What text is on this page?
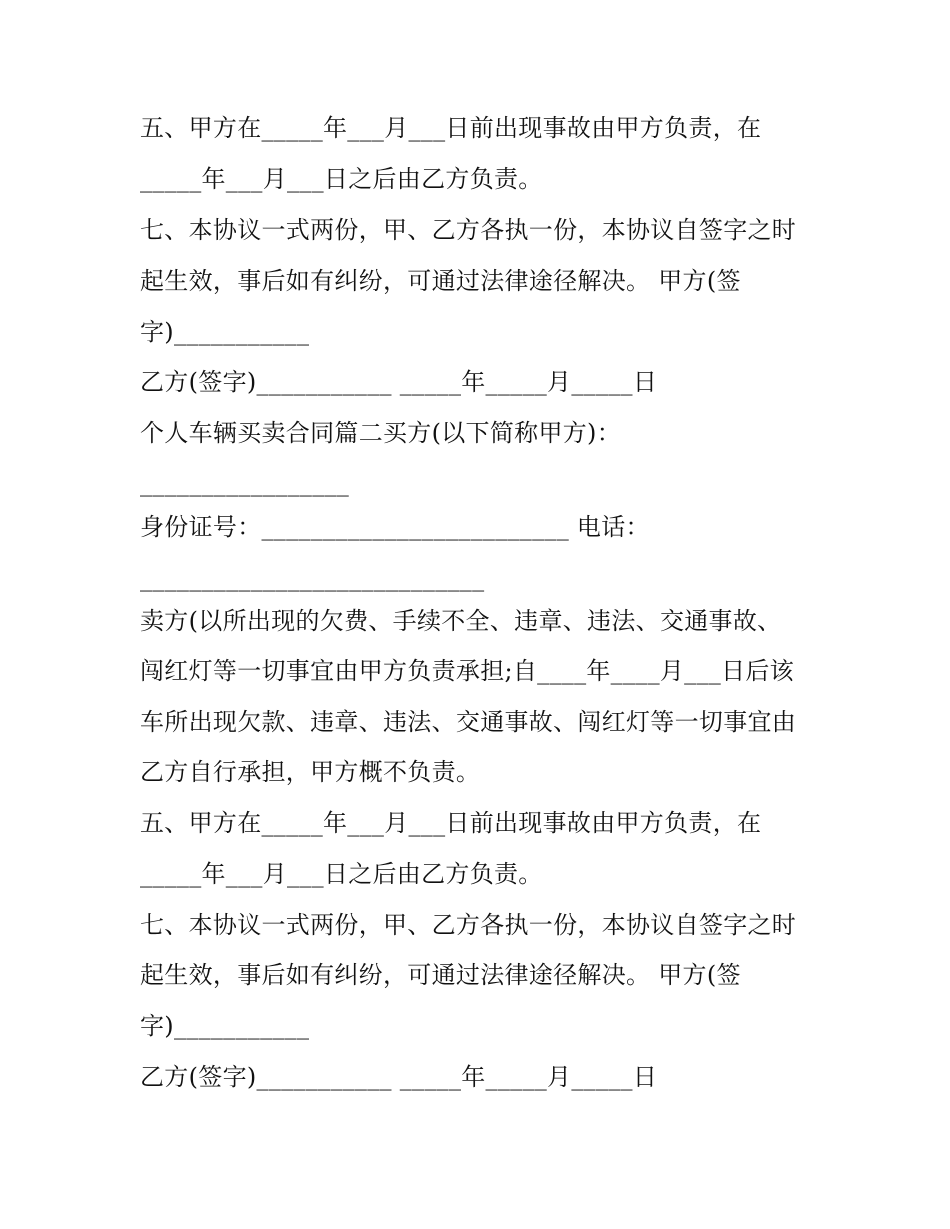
五、甲方在_____年___月___日前出现事故由甲方负责，在
_____年___月___日之后由乙方负责。
七、本协议一式两份，甲、乙方各执一份，本协议自签字之时
起生效，事后如有纠纷，可通过法律途径解决。 甲方(签
字)___________
乙方(签字)___________ _____年_____月_____日
个人车辆买卖合同篇二买方(以下简称甲方)：
_________________
身份证号：_________________________ 电话：
____________________________
卖方(以所出现的欠费、手续不全、违章、违法、交通事故、
闯红灯等一切事宜由甲方负责承担;自____年____月___日后该
车所出现欠款、违章、违法、交通事故、闯红灯等一切事宜由
乙方自行承担，甲方概不负责。
五、甲方在_____年___月___日前出现事故由甲方负责，在
_____年___月___日之后由乙方负责。
七、本协议一式两份，甲、乙方各执一份，本协议自签字之时
起生效，事后如有纠纷，可通过法律途径解决。 甲方(签
字)___________
乙方(签字)___________ _____年_____月_____日
